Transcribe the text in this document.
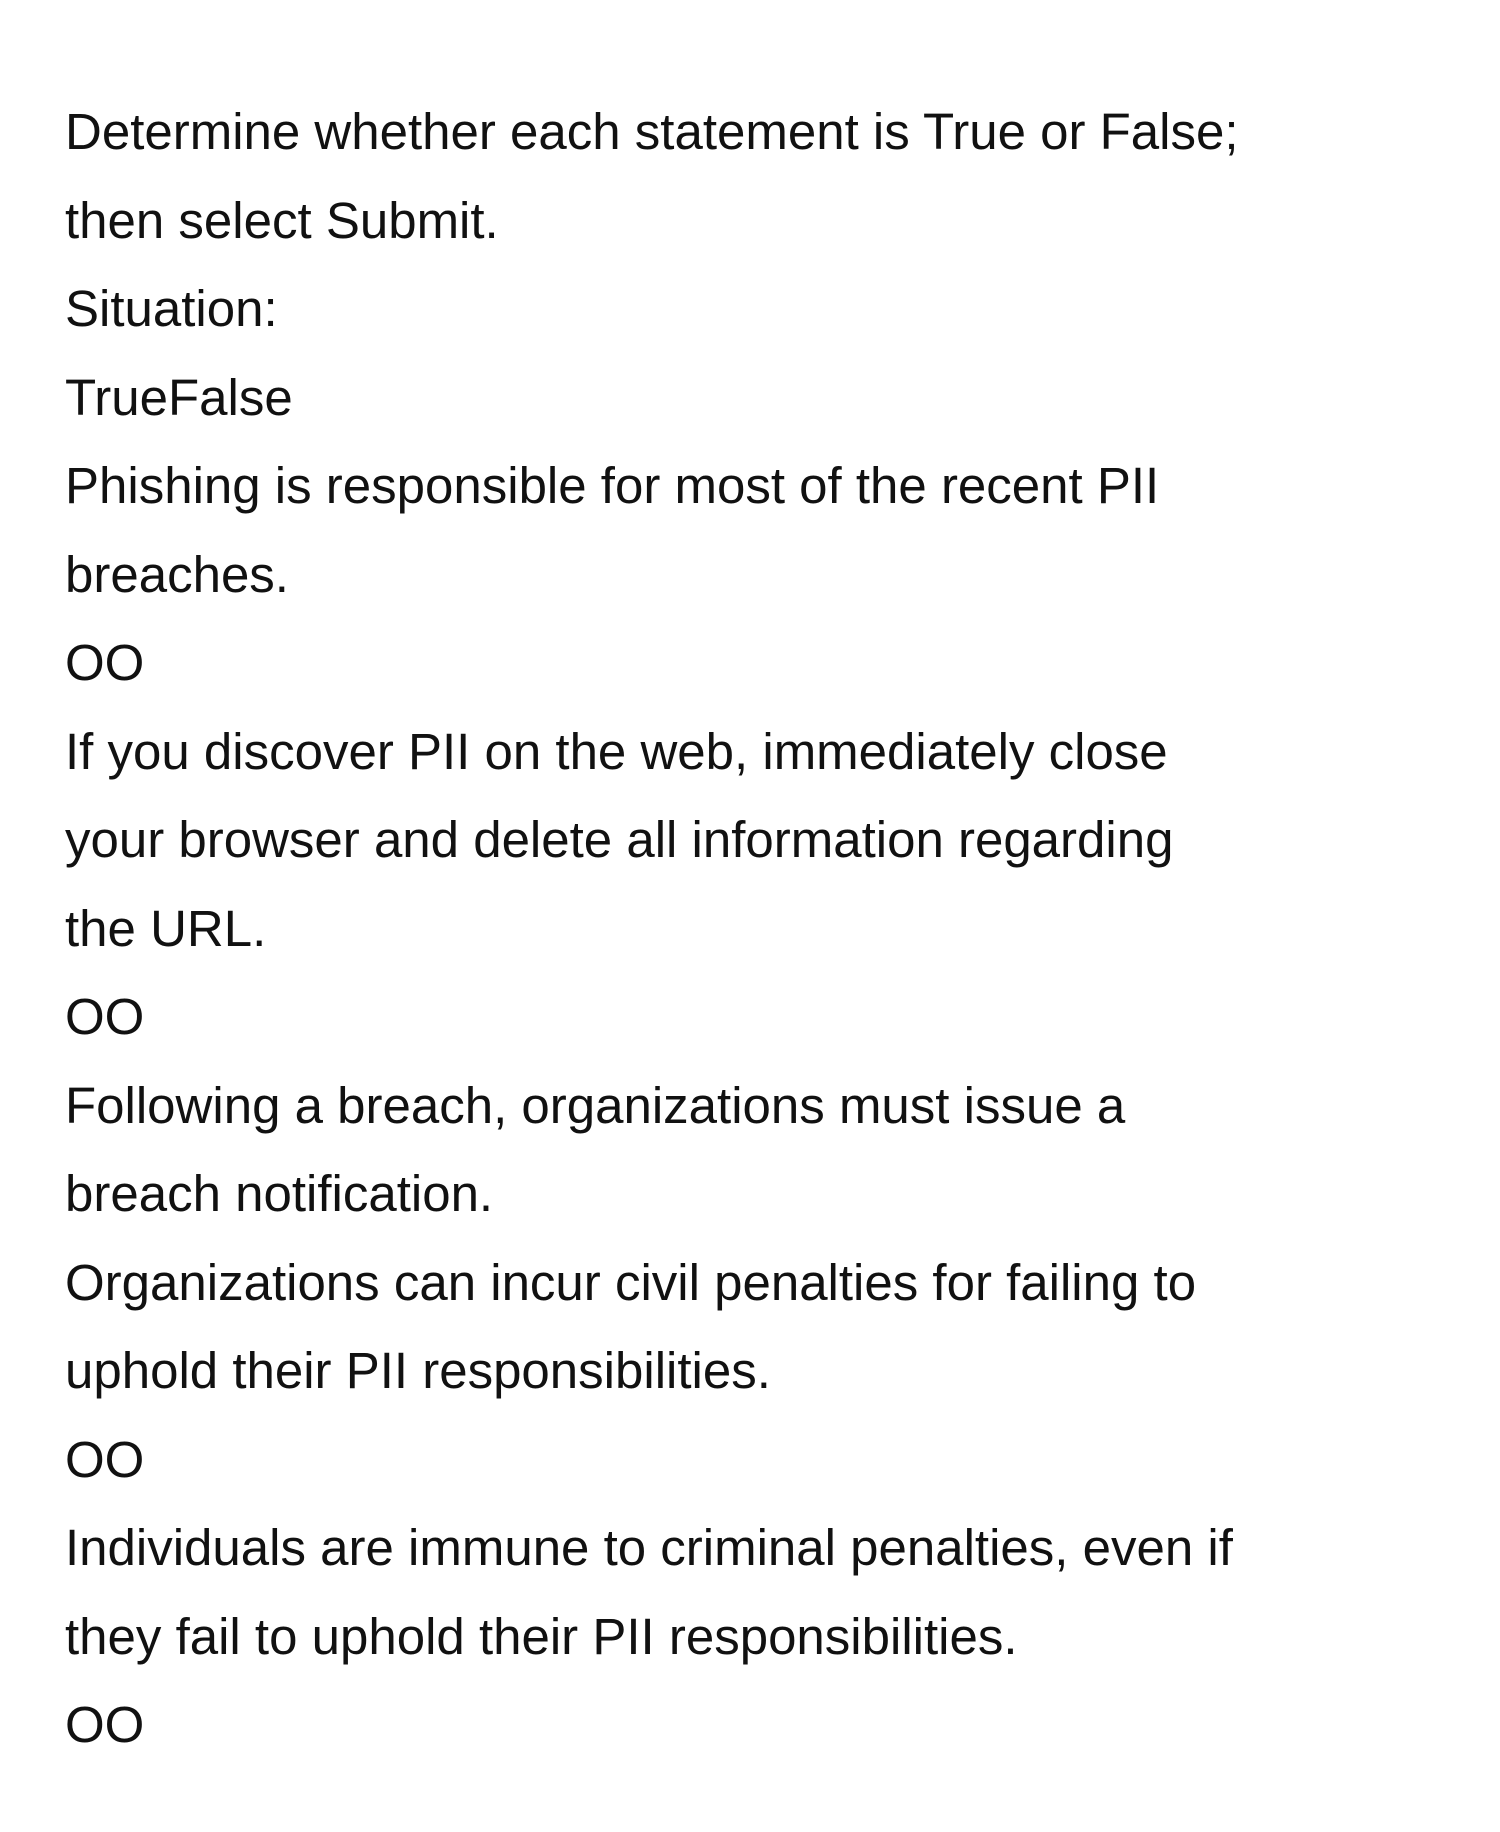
Determine whether each statement is True or False;

then select Submit.

Situation:

TrueFalse

Phishing is responsible for most of the recent PII

breaches.

OO

If you discover PII on the web, immediately close

your browser and delete all information regarding

the URL.

OO

Following a breach, organizations must issue a

breach notification.

Organizations can incur civil penalties for failing to

uphold their PII responsibilities.

OO

Individuals are immune to criminal penalties, even if

they fail to uphold their PII responsibilities.

OO
